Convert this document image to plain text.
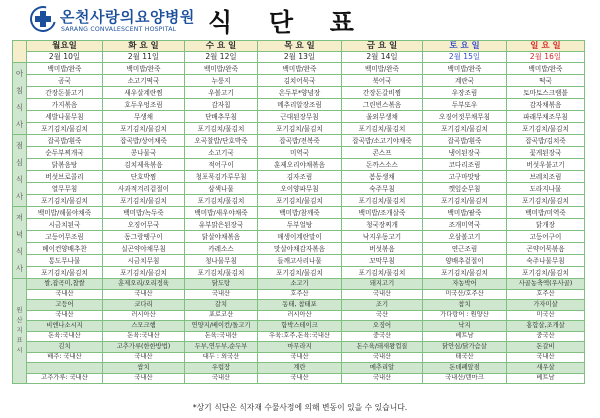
온천사랑의요양병원
SARANG CONVALESCENT HOSPITAL 식 단 표
	월요일	화 요 일	수 요 일	목 요 일	금 요 일	토 요 일	일 요 일
	2월 10일	2월 11일	2월 12일	2월 13일	2월 14일	2월 15일	2월 16일
아 침 식 사	백미밥/완죽	백미밥/완죽	백미밥/완죽	백미밥/완죽	백미밥/완죽	백미밥/완죽	백미밥/완죽
	곰국	소고기떡국	누룽지	김치어묵국	북어국	계란국	떡국
	간장돈불고기	새우살계란찜	우볼고기	온두부*양념장	간장돈갈비찜	우장조림	토마토스크램블
	가지볶음	호두우엉조림	감자칩	메추리알장조림	그린빈스볶음	두부또우	감자채볶음
	세발나물무침	무생채	단배추무침	근대된장무침	울외무생채	오징어젓무채무침	파래무채조무침
	포기김치/물김치	포기김치/물김치	포기김치/물김치	포기김치/물김치	포기김치/물김치	포기김치/물김치	포기김치/물김치
점 심 식 사	잡곡밥/흰죽	잡곡밥/상어채죽	오곡찰밥/단호박죽	잡곡밥/전복죽	잡곡밥/소고기야채죽	잡곡밥/흰죽	잡곡밥/김치죽
	순두부찌개국	콩나물국	소고기국	미역국	콘스프	냉이된장국	꽃게된장국
	닭볶음탕	김치제육볶음	적어구이	훈제오리야채볶음	돈까스소스	코다리조림	버섯우불고기
	버섯브로콜리	단호박찜	청포묵김가루무침	김자조림	봄동생채	고구마맛탕	브레치조림
	열무무침	사과적겨리겉절이	삼색나물	오이양파무침	숙주무침	깻잎순무침	도라지나물
	포기김치/물김치	포기김치/물김치	포기김치/물김치	포기김치/물김치	포기김치/물김치	포기김치/물김치	포기김치/물김치
저 녁 식 사	백미밥/해물야채죽	백미밥/녹두죽	백미밥/새우야채죽	백미밥/참깨죽	백미밥/조개살죽	백미밥/팥죽	백미밥/미역죽
	시금치된국	오징어무국	유부맑은된장국	두부얼탕	청국장찌개	조개미역국	닭개장
	고등어무조림	동그랑땡구이	닭살야채볶음	매생이계란말이	낙지우동고기	오삼볼고기	고등어구이
	베이컨양배추찬	실곤약야채무침	카레소스	맛살야채감자볶음	버섯볶음	연근조림	곤약어묵볶음
	통도무나물	시금치무침	청나물무침	들깨고사리나물	꼬막무침	양배추겉절이	숙주나물무침
	포기김치/물김치	포기김치/물김치	포기김치/물김치	포기김치/물김치	포기김치/물김치	포기김치/물김치	포기김치/물김치
원 산 지 표 시	쌀,잡곡미,찹쌀	훈제오리/오리정육	닭도탕	소고기	돼지고기	자농박어	사골농축액(우사골)
	국내산	국내산	국내산	호주산	국내산	미국산/호주산	호주산
	고등어	코다리	갈치	동태, 참태포	조기	참치	가자미살
	국내산	러시아산	포로코산	러시아산	국산	가다랑어 : 원양산	미국산
	비엔나소시지	스모크햄	연양지/베이컨/돌고기	함박스테이크	오징어	낙지	홍합살,조개살
	돈육:국내산	돈육:국내산	돈육:국내산	우육:호주,돈육:국내산	중국산	베트남	중국산
	김치	고추가루(한한방법)	두부,연두부,순두부	마무라지	돈수육/돼새왕껍질	닭안심/닭가슴살	돈갈비
	배추: 국내산	국내산	대두 : 외국산	국내산	국내산	태국산	국내산
		쌈치	우럽장	계란	메추리알	돈데폐앞점	새우살
	고추가루: 국내산	국내산	국내산	국내산	국내산	국내산/덴마크	베트남
*상기 식단은 식자재 수물사정에 의해 변동이 있을 수 있습니다.
